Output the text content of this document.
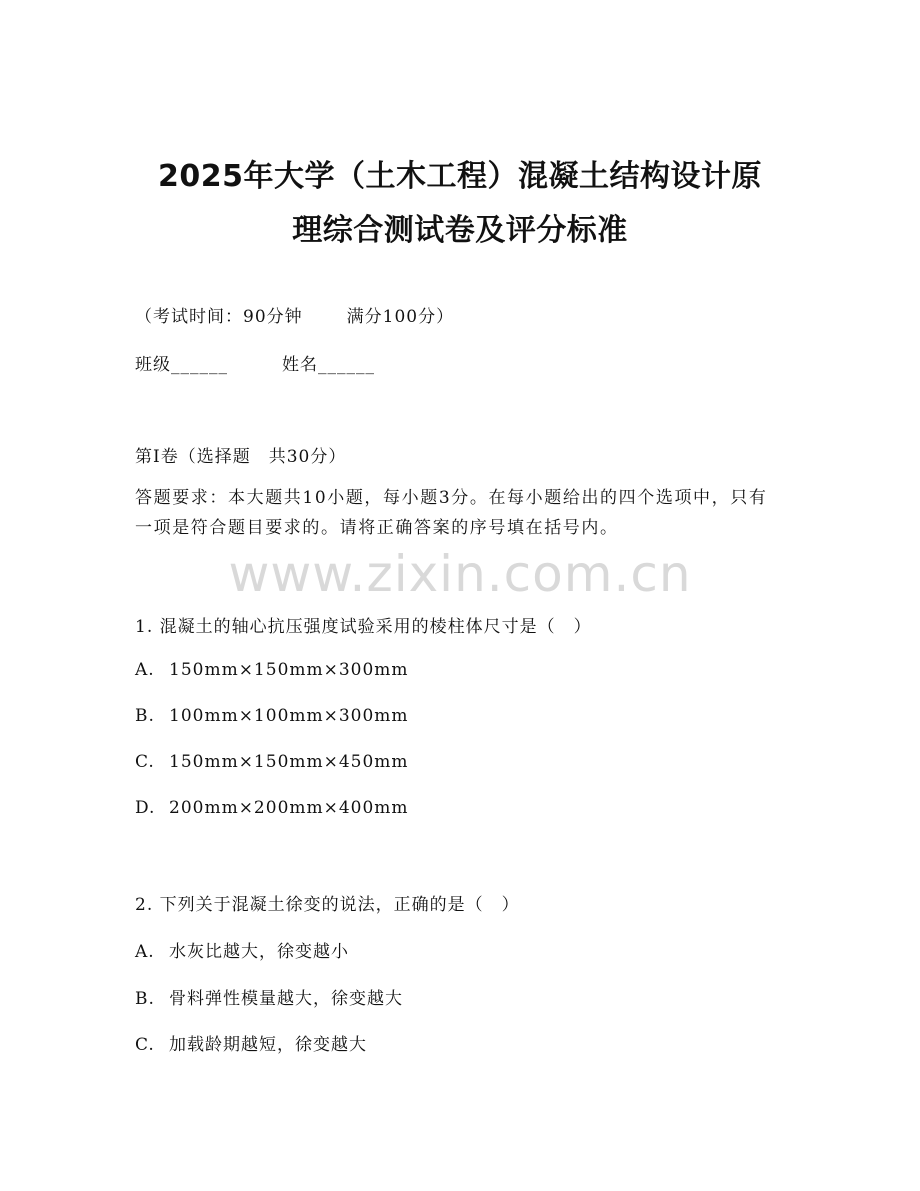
2025年大学（土木工程）混凝土结构设计原
理综合测试卷及评分标准
（考试时间：90分钟	满分100分）
班级______	姓名______
第I卷（选择题　共30分）
答题要求：本大题共10小题，每小题3分。在每小题给出的四个选项中，只有一项是符合题目要求的。请将正确答案的序号填在括号内。
www.zixin.com.cn
1. 混凝土的轴心抗压强度试验采用的棱柱体尺寸是（　）
A. 150mm×150mm×300mm
B. 100mm×100mm×300mm
C. 150mm×150mm×450mm
D. 200mm×200mm×400mm
2. 下列关于混凝土徐变的说法，正确的是（　）
A. 水灰比越大，徐变越小
B. 骨料弹性模量越大，徐变越大
C. 加载龄期越短，徐变越大
